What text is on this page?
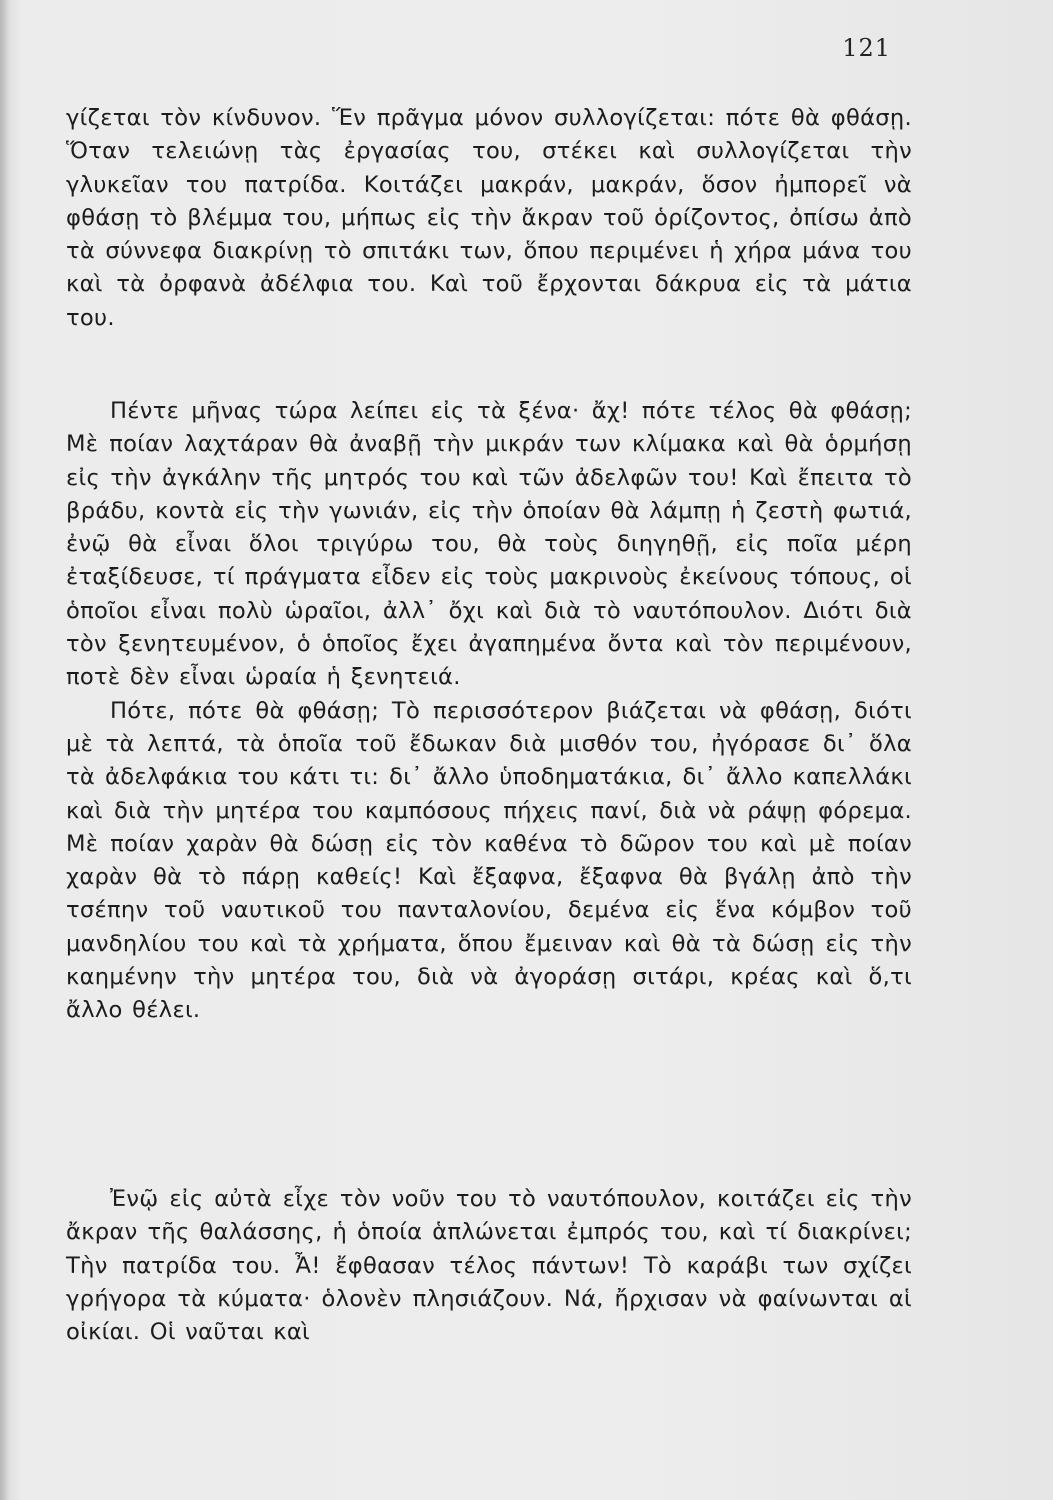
121

γίζεται τὸν κίνδυνον. Ἕν πρᾶγμα μόνον συλλογίζεται: πότε θὰ φθάσῃ. Ὅταν τελειώνῃ τὰς ἐργασίας του, στέκει καὶ συλλογίζεται τὴν γλυκεῖαν του πατρίδα. Κοιτάζει μακράν, μακράν, ὅσον ἠμπορεῖ νὰ φθάσῃ τὸ βλέμμα του, μήπως εἰς τὴν ἄκραν τοῦ ὁρίζοντος, ὀπίσω ἀπὸ τὰ σύννεφα διακρίνῃ τὸ σπιτάκι των, ὅπου περιμένει ἡ χήρα μάνα του καὶ τὰ ὀρφανὰ ἀδέλφια του. Καὶ τοῦ ἔρχονται δάκρυα εἰς τὰ μάτια του.

Πέντε μῆνας τώρα λείπει εἰς τὰ ξένα· ἄχ! πότε τέλος θὰ φθάσῃ; Μὲ ποίαν λαχτάραν θὰ ἀναβῇ τὴν μικράν των κλίμακα καὶ θὰ ὁρμήσῃ εἰς τὴν ἀγκάλην τῆς μητρός του καὶ τῶν ἀδελφῶν του! Καὶ ἔπειτα τὸ βράδυ, κοντὰ εἰς τὴν γωνιάν, εἰς τὴν ὁποίαν θὰ λάμπῃ ἡ ζεστὴ φωτιά, ἐνῷ θὰ εἶναι ὅλοι τριγύρω του, θὰ τοὺς διηγηθῇ, εἰς ποῖα μέρη ἐταξίδευσε, τί πράγματα εἶδεν εἰς τοὺς μακρινοὺς ἐκείνους τόπους, οἱ ὁποῖοι εἶναι πολὺ ὡραῖοι, ἀλλ᾽ ὄχι καὶ διὰ τὸ ναυτόπουλον. Διότι διὰ τὸν ξενητευμένον, ὁ ὁποῖος ἔχει ἀγαπημένα ὄντα καὶ τὸν περιμένουν, ποτὲ δὲν εἶναι ὡραία ἡ ξενητειά.

Πότε, πότε θὰ φθάσῃ; Τὸ περισσότερον βιάζεται νὰ φθάσῃ, διότι μὲ τὰ λεπτά, τὰ ὁποῖα τοῦ ἔδωκαν διὰ μισθόν του, ἠγόρασε δι᾽ ὅλα τὰ ἀδελφάκια του κάτι τι: δι᾽ ἄλλο ὑποδηματάκια, δι᾽ ἄλλο καπελλάκι καὶ διὰ τὴν μητέρα του καμπόσους πήχεις πανί, διὰ νὰ ράψῃ φόρεμα. Μὲ ποίαν χαρὰν θὰ δώσῃ εἰς τὸν καθένα τὸ δῶρον του καὶ μὲ ποίαν χαρὰν θὰ τὸ πάρῃ καθείς! Καὶ ἔξαφνα, ἔξαφνα θὰ βγάλῃ ἀπὸ τὴν τσέπην τοῦ ναυτικοῦ του πανταλονίου, δεμένα εἰς ἕνα κόμβον τοῦ μανδηλίου του καὶ τὰ χρήματα, ὅπου ἔμειναν καὶ θὰ τὰ δώσῃ εἰς τὴν καημένην τὴν μητέρα του, διὰ νὰ ἀγοράσῃ σιτάρι, κρέας καὶ ὅ,τι ἄλλο θέλει.

Ἐνῷ εἰς αὐτὰ εἶχε τὸν νοῦν του τὸ ναυτόπουλον, κοιτάζει εἰς τὴν ἄκραν τῆς θαλάσσης, ἡ ὁποία ἁπλώνεται ἐμπρός του, καὶ τί διακρίνει; Τὴν πατρίδα του. Ἆ! ἔφθασαν τέλος πάντων! Τὸ καράβι των σχίζει γρήγορα τὰ κύματα· ὁλονὲν πλησιάζουν. Νά, ἤρχισαν νὰ φαίνωνται αἱ οἰκίαι. Οἱ ναῦται καὶ
